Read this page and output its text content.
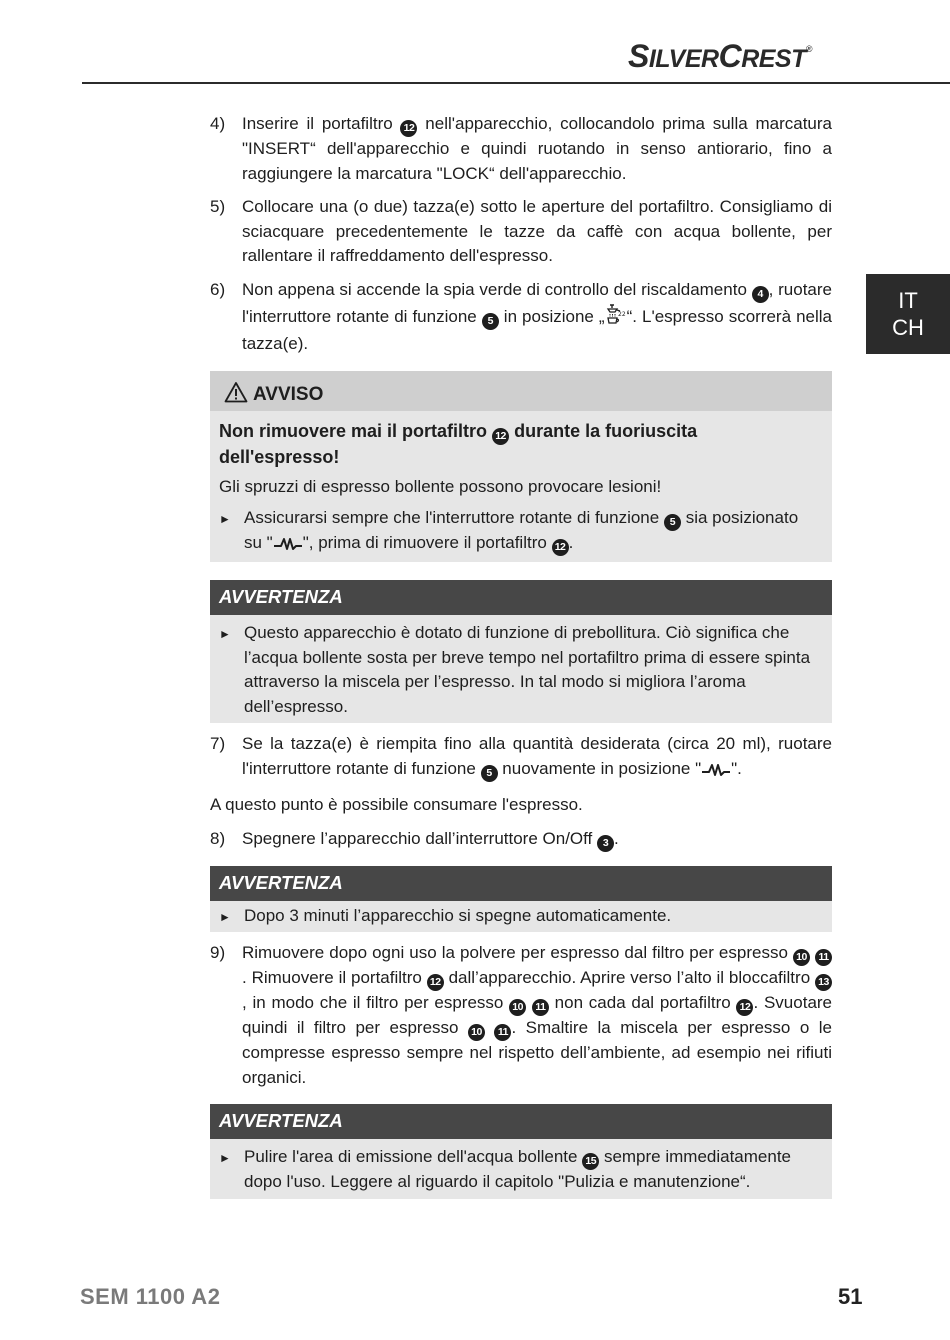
SILVERCREST®
IT
CH
4) Inserire il portafiltro 12 nell'apparecchio, collocandolo prima sulla marcatura "INSERT“ dell'apparecchio e quindi ruotando in senso antiorario, fino a raggiungere la marcatura "LOCK“ dell'apparecchio.
5) Collocare una (o due) tazza(e) sotto le aperture del portafiltro. Consigliamo di sciacquare precedentemente le tazze da caffè con acqua bollente, per rallentare il raffreddamento dell'espresso.
6) Non appena si accende la spia verde di controllo del riscaldamento 4 , ruotare l'interruttore rotante di funzione 5 in posizione „ 22 “. L'espresso scorrerà nella tazza(e).
AVVISO
Non rimuovere mai il portafiltro 12 durante la fuoriuscita dell'espresso!
Gli spruzzi di espresso bollente possono provocare lesioni!
►
Assicurarsi sempre che l'interruttore rotante di funzione 5 sia posizionato su " ", prima di rimuovere il portafiltro 12 .
AVVERTENZA
►
Questo apparecchio è dotato di funzione di prebollitura. Ciò significa che l’acqua bollente sosta per breve tempo nel portafiltro prima di essere spinta attraverso la miscela per l’espresso. In tal modo si migliora l’aroma dell’espresso.
7) Se la tazza(e) è riempita fino alla quantità desiderata (circa 20 ml), ruotare l'interruttore rotante di funzione 5 nuovamente in posizione " ".
A questo punto è possibile consumare l'espresso.
8) Spegnere l’apparecchio dall’interruttore On/Off 3 .
AVVERTENZA
►
Dopo 3 minuti l’apparecchio si spegne automaticamente.
9) Rimuovere dopo ogni uso la polvere per espresso dal filtro per espresso 10 11. Rimuovere il portafiltro 12 dall’apparecchio. Aprire verso l’alto il bloccafiltro 13, in modo che il filtro per espresso 10 11 non cada dal portafiltro 12 . Svuotare quindi il filtro per espresso 10 11 . Smaltire la miscela per espresso o le compresse espresso sempre nel rispetto dell’ambiente, ad esempio nei rifiuti organici.
AVVERTENZA
►
Pulire l'area di emissione dell'acqua bollente 15 sempre immediatamente dopo l'uso. Leggere al riguardo il capitolo "Pulizia e manutenzione“.
SEM 1100 A2	51
